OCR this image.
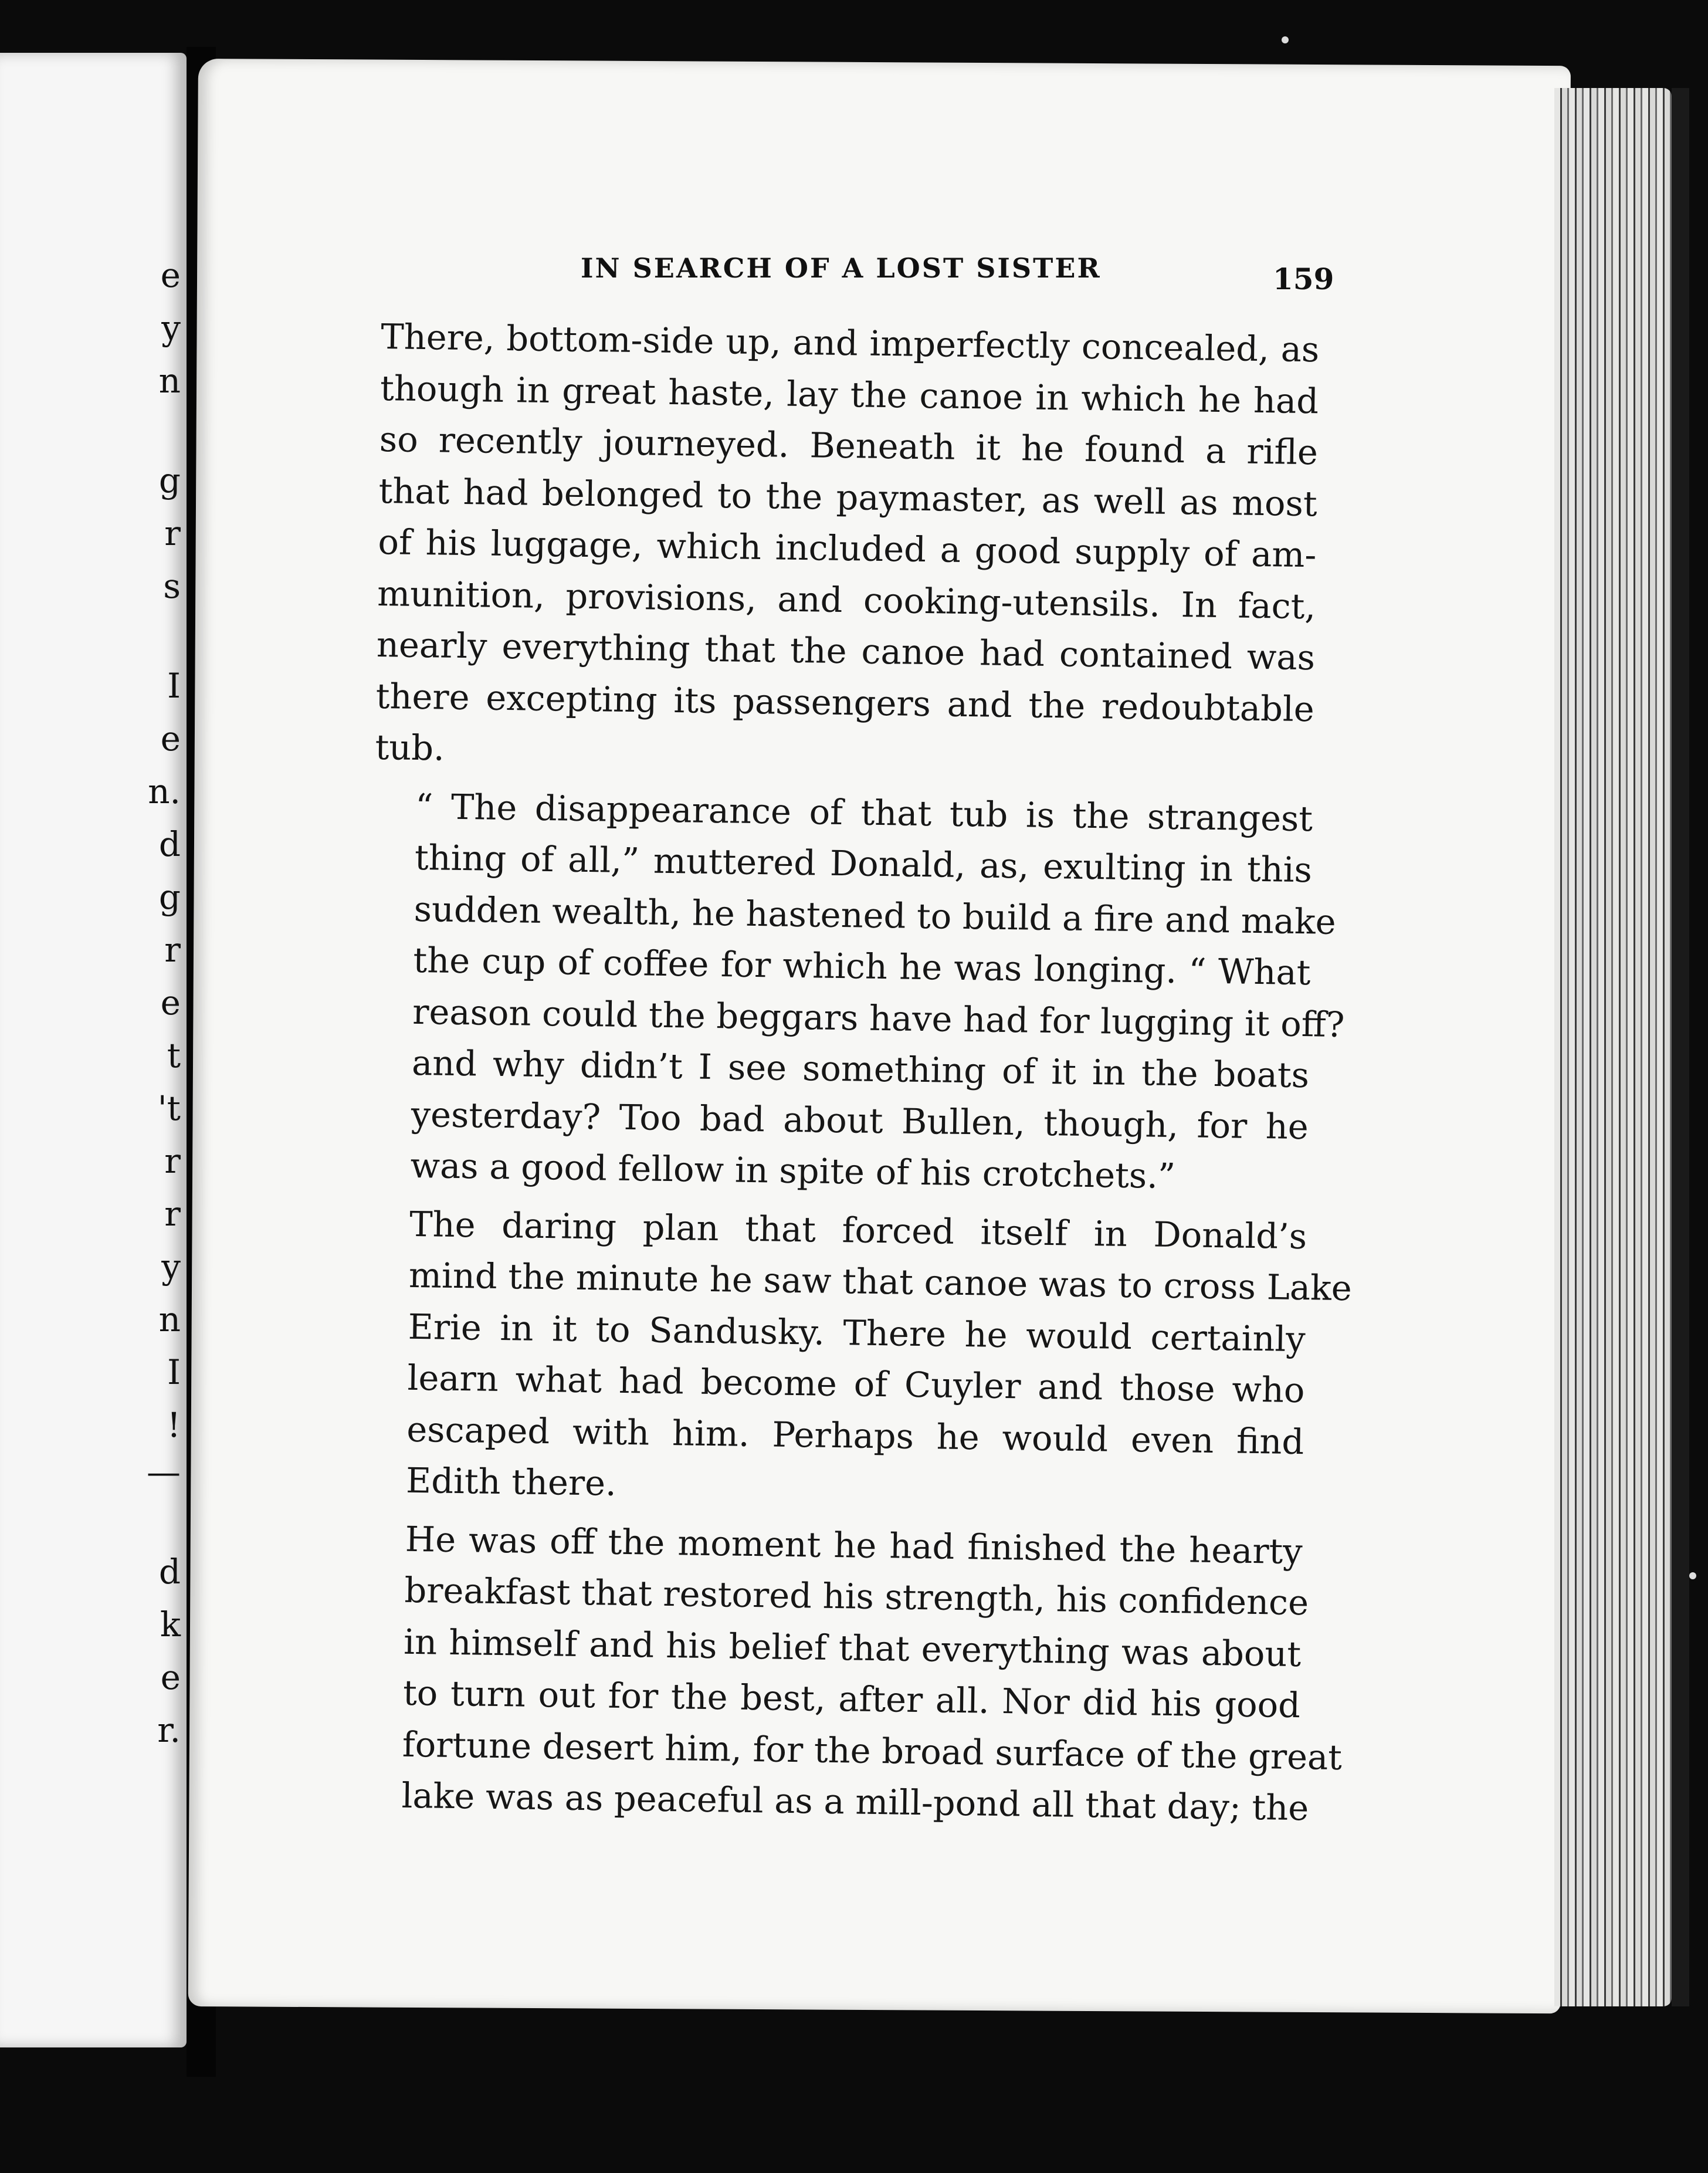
e
y
n
g
r
s
I
e
n.
d
g
r
e
t
't
r
r
y
n
I
!
—
d
k
e
r.
IN SEARCH OF A LOST SISTER	159
There, bottom-side up, and imperfectly concealed, as
though in great haste, lay the canoe in which he had
so recently journeyed. Beneath it he found a rifle
that had belonged to the paymaster, as well as most
of his luggage, which included a good supply of am-
munition, provisions, and cooking-utensils. In fact,
nearly everything that the canoe had contained was
there excepting its passengers and the redoubtable
tub.
“ The disappearance of that tub is the strangest
thing of all,” muttered Donald, as, exulting in this
sudden wealth, he hastened to build a fire and make
the cup of coffee for which he was longing. “ What
reason could the beggars have had for lugging it off?
and why didn’t I see something of it in the boats
yesterday? Too bad about Bullen, though, for he
was a good fellow in spite of his crotchets.”
The daring plan that forced itself in Donald’s
mind the minute he saw that canoe was to cross Lake
Erie in it to Sandusky. There he would certainly
learn what had become of Cuyler and those who
escaped with him. Perhaps he would even find
Edith there.
He was off the moment he had finished the hearty
breakfast that restored his strength, his confidence
in himself and his belief that everything was about
to turn out for the best, after all. Nor did his good
fortune desert him, for the broad surface of the great
lake was as peaceful as a mill-pond all that day; the
